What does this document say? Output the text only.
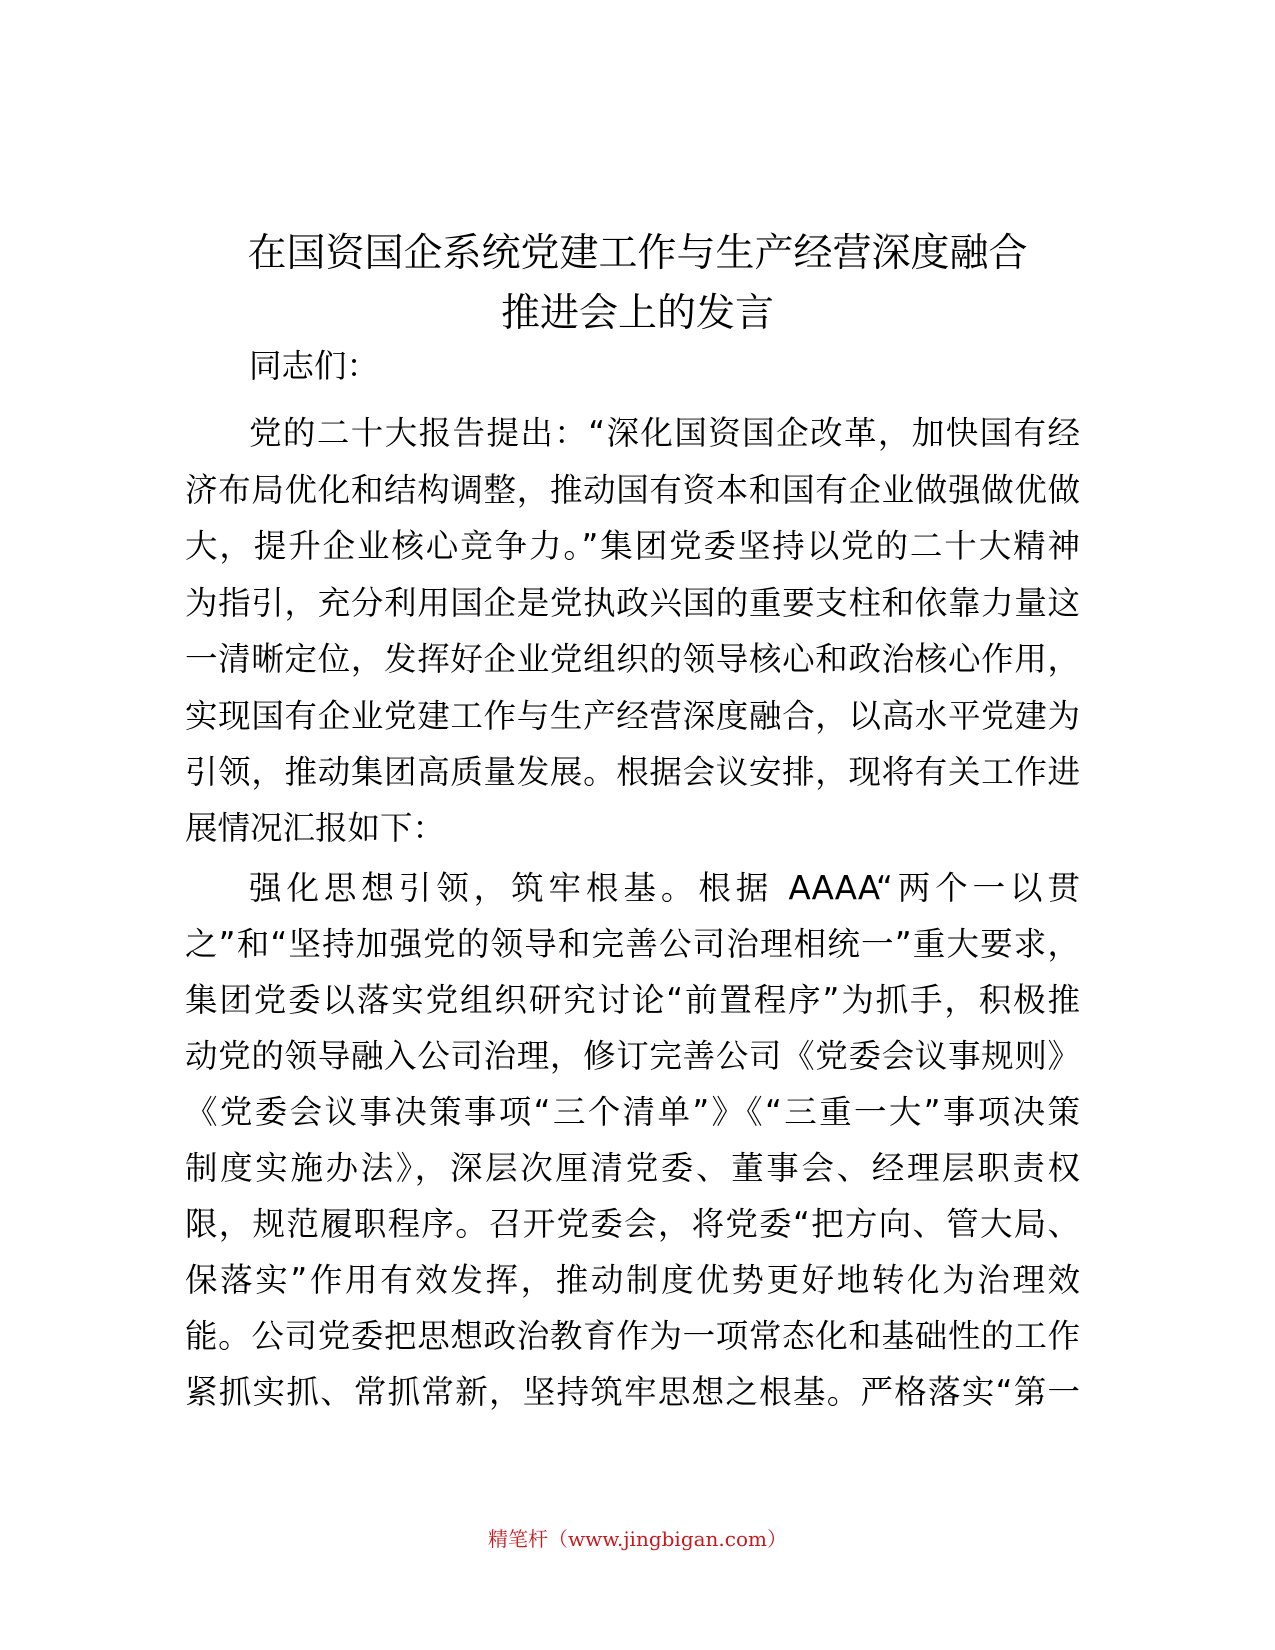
在国资国企系统党建工作与生产经营深度融合
推进会上的发言
同志们：
党的二十大报告提出：“深化国资国企改革，加快国有经
济布局优化和结构调整，推动国有资本和国有企业做强做优做
大，提升企业核心竞争力。”集团党委坚持以党的二十大精神
为指引，充分利用国企是党执政兴国的重要支柱和依靠力量这
一清晰定位，发挥好企业党组织的领导核心和政治核心作用，
实现国有企业党建工作与生产经营深度融合，以高水平党建为
引领，推动集团高质量发展。根据会议安排，现将有关工作进
展情况汇报如下：
强化思想引领，筑牢根基。根据 AAAA“两个一以贯
之”和“坚持加强党的领导和完善公司治理相统一”重大要求，
集团党委以落实党组织研究讨论“前置程序”为抓手，积极推
动党的领导融入公司治理，修订完善公司《党委会议事规则》
《党委会议事决策事项“三个清单”》《“三重一大”事项决策
制度实施办法》，深层次厘清党委、董事会、经理层职责权
限，规范履职程序。召开党委会，将党委“把方向、管大局、
保落实”作用有效发挥，推动制度优势更好地转化为治理效
能。公司党委把思想政治教育作为一项常态化和基础性的工作
紧抓实抓、常抓常新，坚持筑牢思想之根基。严格落实“第一
精笔杆（www.jingbigan.com）
